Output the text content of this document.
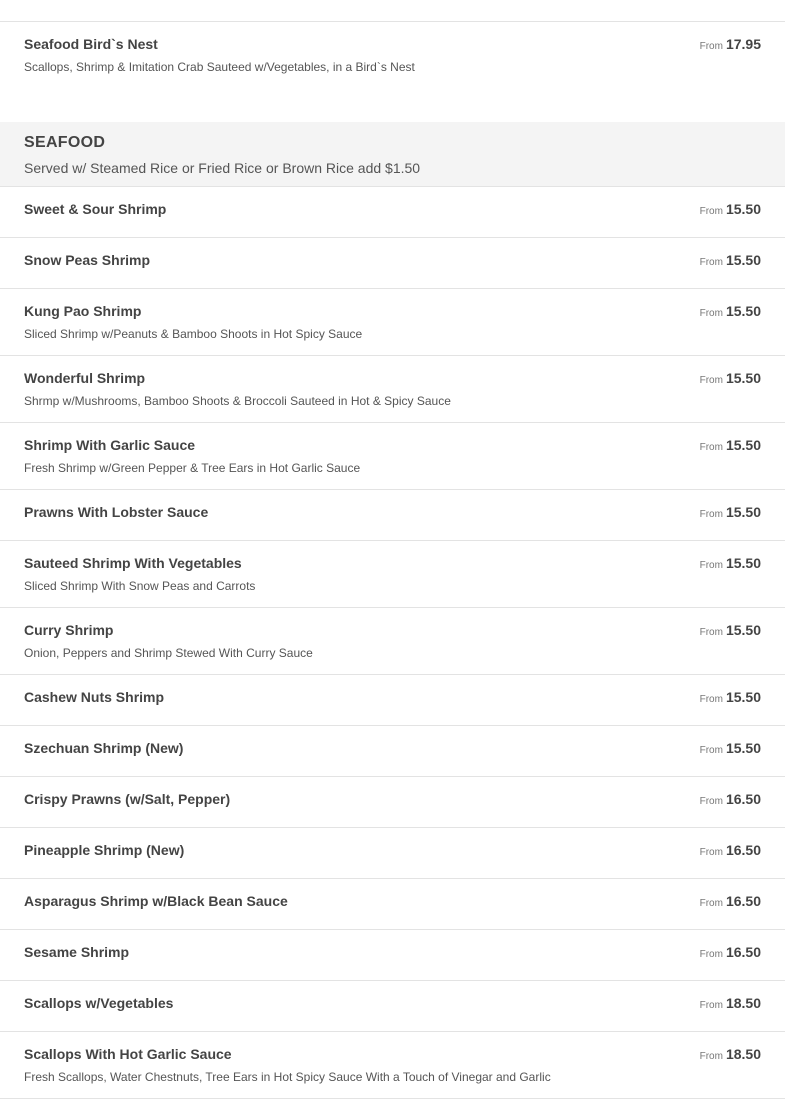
Seafood Bird`s Nest
Scallops, Shrimp & Imitation Crab Sauteed w/Vegetables, in a Bird`s Nest
From 17.95
SEAFOOD
Served w/ Steamed Rice or Fried Rice or Brown Rice add $1.50
Sweet & Sour Shrimp	From 15.50
Snow Peas Shrimp	From 15.50
Kung Pao Shrimp
Sliced Shrimp w/Peanuts & Bamboo Shoots in Hot Spicy Sauce
From 15.50
Wonderful Shrimp
Shrmp w/Mushrooms, Bamboo Shoots & Broccoli Sauteed in Hot & Spicy Sauce
From 15.50
Shrimp With Garlic Sauce
Fresh Shrimp w/Green Pepper & Tree Ears in Hot Garlic Sauce
From 15.50
Prawns With Lobster Sauce	From 15.50
Sauteed Shrimp With Vegetables
Sliced Shrimp With Snow Peas and Carrots
From 15.50
Curry Shrimp
Onion, Peppers and Shrimp Stewed With Curry Sauce
From 15.50
Cashew Nuts Shrimp	From 15.50
Szechuan Shrimp (New)	From 15.50
Crispy Prawns (w/Salt, Pepper)	From 16.50
Pineapple Shrimp (New)	From 16.50
Asparagus Shrimp w/Black Bean Sauce	From 16.50
Sesame Shrimp	From 16.50
Scallops w/Vegetables	From 18.50
Scallops With Hot Garlic Sauce
Fresh Scallops, Water Chestnuts, Tree Ears in Hot Spicy Sauce With a Touch of Vinegar and Garlic
From 18.50
